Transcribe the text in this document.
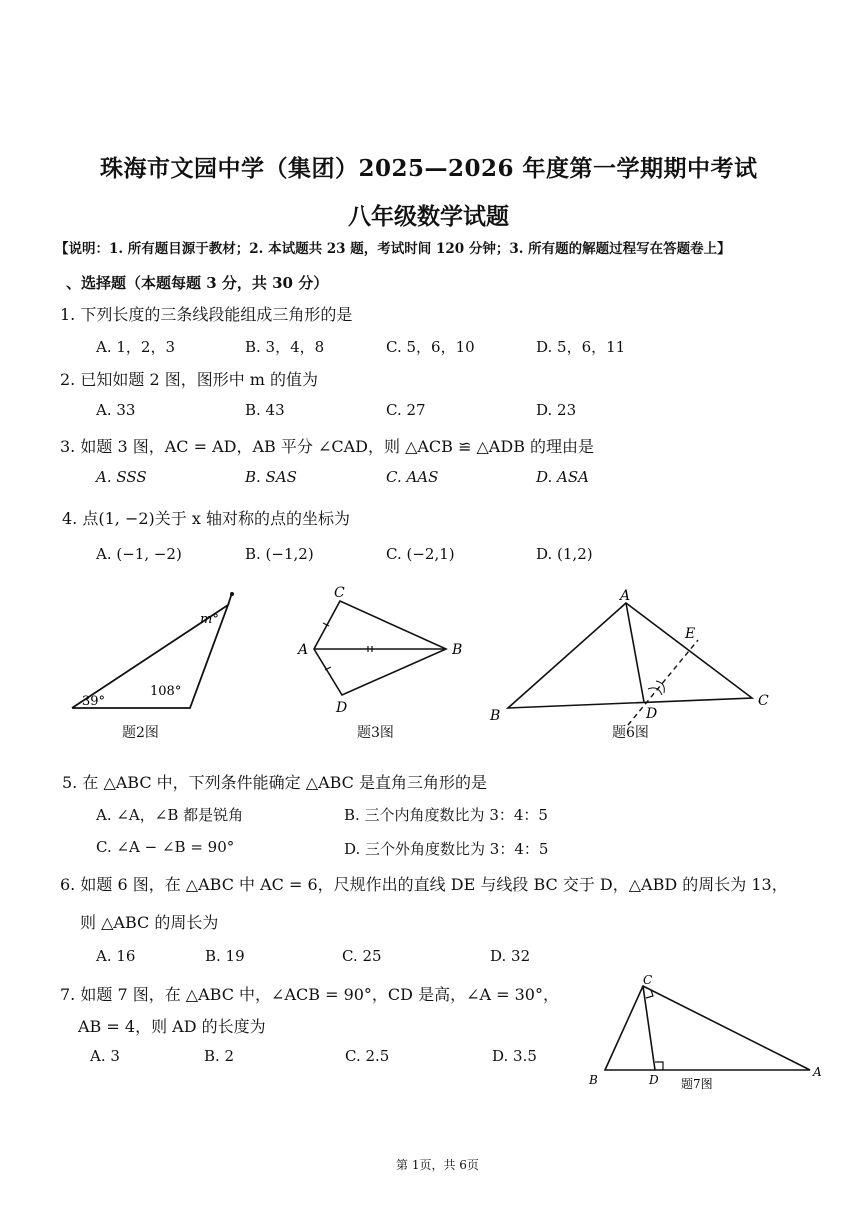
珠海市文园中学（集团）2025—2026 年度第一学期期中考试
八年级数学试题
【说明：1. 所有题目源于教材；2. 本试题共 23 题，考试时间 120 分钟；3. 所有题的解题过程写在答题卷上】
、选择题（本题每题 3 分，共 30 分）
1. 下列长度的三条线段能组成三角形的是
A. 1，2，3	B. 3，4，8	C. 5，6，10	D. 5，6，11
2. 已知如题 2 图，图形中 m 的值为
A. 33	B. 43	C. 27	D. 23
3. 如题 3 图，AC = AD，AB 平分 ∠CAD，则 △ACB ≌ △ADB 的理由是
A. SSS	B. SAS	C. AAS	D. ASA
4. 点(1, −2)关于 x 轴对称的点的坐标为
A. (−1, −2)	B. (−1,2)	C. (−2,1)	D. (1,2)
39°
108°
m°
题2图
C
A	B
D
题3图
A
B
C
D
E
题6图
5. 在 △ABC 中，下列条件能确定 △ABC 是直角三角形的是
A. ∠A，∠B 都是锐角	B. 三个内角度数比为 3：4：5
C. ∠A − ∠B = 90°	D. 三个外角度数比为 3：4：5
6. 如题 6 图，在 △ABC 中 AC = 6，尺规作出的直线 DE 与线段 BC 交于 D，△ABD 的周长为 13，
则 △ABC 的周长为
A. 16	B. 19	C. 25	D. 32
7. 如题 7 图，在 △ABC 中，∠ACB = 90°，CD 是高，∠A = 30°，
AB = 4，则 AD 的长度为
A. 3	B. 2	C. 2.5	D. 3.5
C
B	D
A
题7图
第 1页，共 6页
